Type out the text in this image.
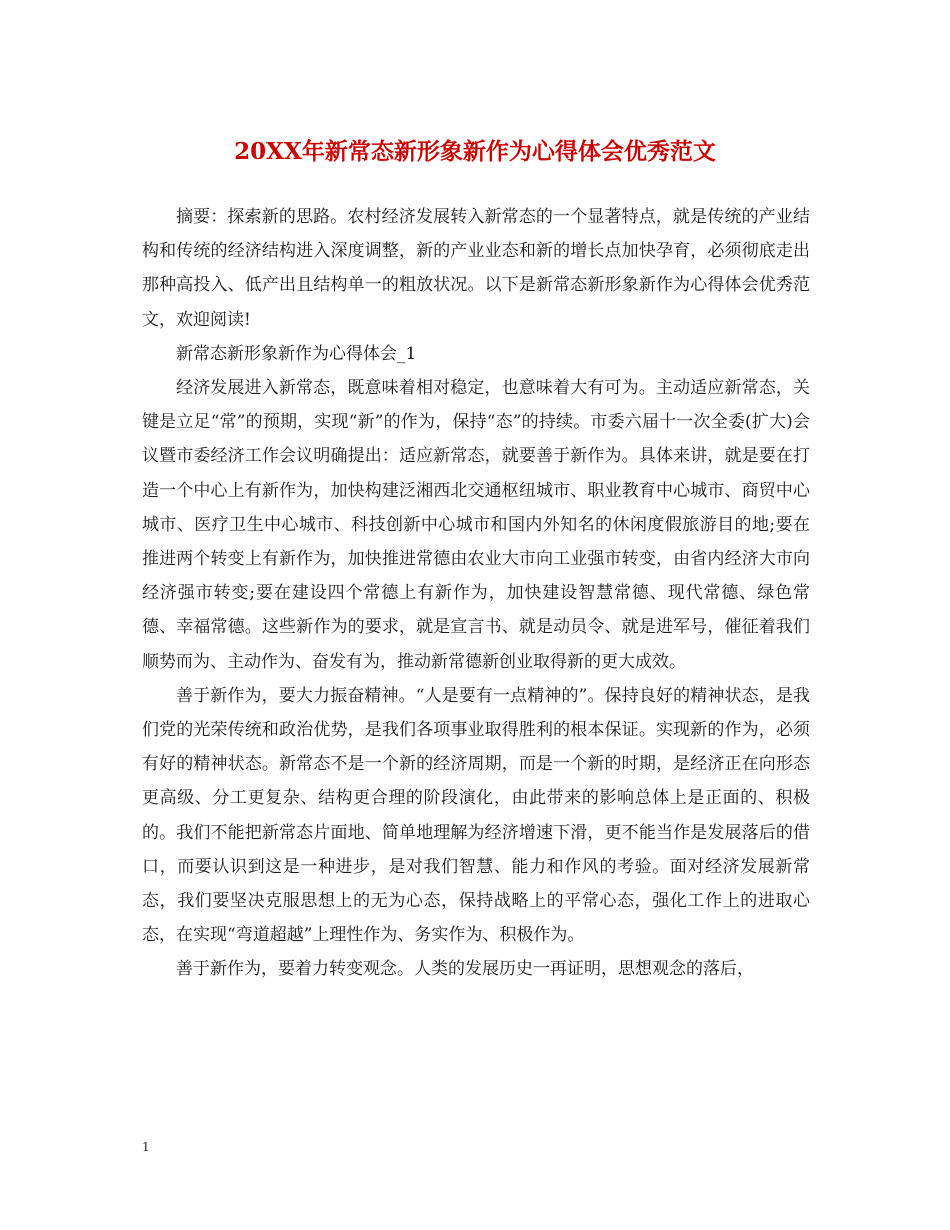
20XX年新常态新形象新作为心得体会优秀范文

摘要：探索新的思路。农村经济发展转入新常态的一个显著特点，就是传统的产业结构和传统的经济结构进入深度调整，新的产业业态和新的增长点加快孕育，必须彻底走出那种高投入、低产出且结构单一的粗放状况。以下是新常态新形象新作为心得体会优秀范文，欢迎阅读!

新常态新形象新作为心得体会_1

经济发展进入新常态，既意味着相对稳定，也意味着大有可为。主动适应新常态，关键是立足“常”的预期，实现“新”的作为，保持“态”的持续。市委六届十一次全委(扩大)会议暨市委经济工作会议明确提出：适应新常态，就要善于新作为。具体来讲，就是要在打造一个中心上有新作为，加快构建泛湘西北交通枢纽城市、职业教育中心城市、商贸中心城市、医疗卫生中心城市、科技创新中心城市和国内外知名的休闲度假旅游目的地;要在推进两个转变上有新作为，加快推进常德由农业大市向工业强市转变，由省内经济大市向经济强市转变;要在建设四个常德上有新作为，加快建设智慧常德、现代常德、绿色常德、幸福常德。这些新作为的要求，就是宣言书、就是动员令、就是进军号，催征着我们顺势而为、主动作为、奋发有为，推动新常德新创业取得新的更大成效。

善于新作为，要大力振奋精神。“人是要有一点精神的”。保持良好的精神状态，是我们党的光荣传统和政治优势，是我们各项事业取得胜利的根本保证。实现新的作为，必须有好的精神状态。新常态不是一个新的经济周期，而是一个新的时期，是经济正在向形态更高级、分工更复杂、结构更合理的阶段演化，由此带来的影响总体上是正面的、积极的。我们不能把新常态片面地、简单地理解为经济增速下滑，更不能当作是发展落后的借口，而要认识到这是一种进步，是对我们智慧、能力和作风的考验。面对经济发展新常态，我们要坚决克服思想上的无为心态，保持战略上的平常心态，强化工作上的进取心态，在实现“弯道超越”上理性作为、务实作为、积极作为。

善于新作为，要着力转变观念。人类的发展历史一再证明，思想观念的落后，

1
